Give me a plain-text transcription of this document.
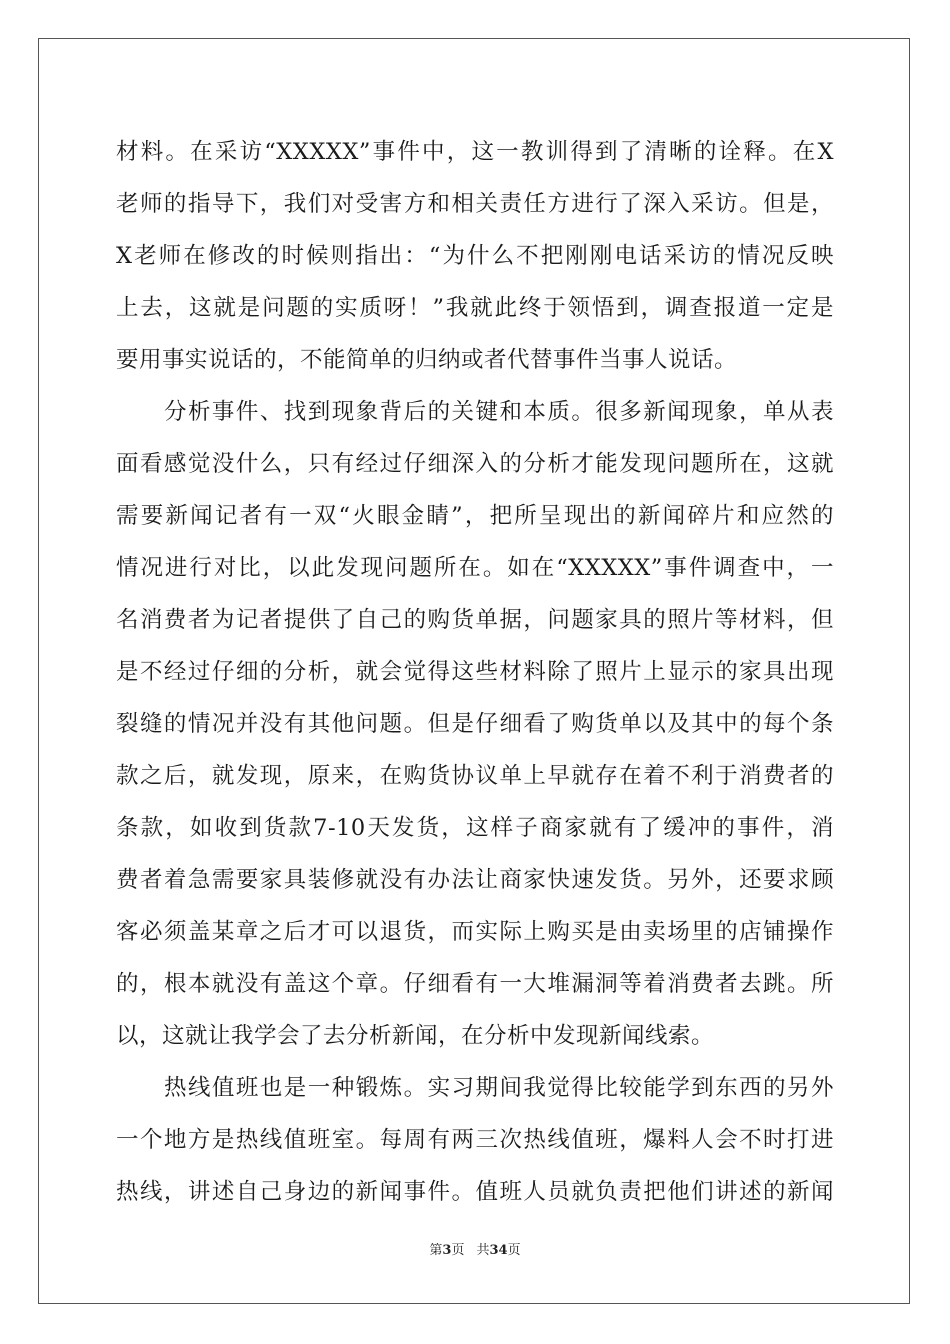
材料。在采访“XXXXX”事件中，这一教训得到了清晰的诠释。在X
老师的指导下，我们对受害方和相关责任方进行了深入采访。但是，
X老师在修改的时候则指出：“为什么不把刚刚电话采访的情况反映
上去，这就是问题的实质呀！”我就此终于领悟到，调查报道一定是
要用事实说话的，不能简单的归纳或者代替事件当事人说话。
分析事件、找到现象背后的关键和本质。很多新闻现象，单从表
面看感觉没什么，只有经过仔细深入的分析才能发现问题所在，这就
需要新闻记者有一双“火眼金睛”，把所呈现出的新闻碎片和应然的
情况进行对比，以此发现问题所在。如在“XXXXX”事件调查中，一
名消费者为记者提供了自己的购货单据，问题家具的照片等材料，但
是不经过仔细的分析，就会觉得这些材料除了照片上显示的家具出现
裂缝的情况并没有其他问题。但是仔细看了购货单以及其中的每个条
款之后，就发现，原来，在购货协议单上早就存在着不利于消费者的
条款，如收到货款7-10天发货，这样子商家就有了缓冲的事件，消
费者着急需要家具装修就没有办法让商家快速发货。另外，还要求顾
客必须盖某章之后才可以退货，而实际上购买是由卖场里的店铺操作
的，根本就没有盖这个章。仔细看有一大堆漏洞等着消费者去跳。所
以，这就让我学会了去分析新闻，在分析中发现新闻线索。
热线值班也是一种锻炼。实习期间我觉得比较能学到东西的另外
一个地方是热线值班室。每周有两三次热线值班，爆料人会不时打进
热线，讲述自己身边的新闻事件。值班人员就负责把他们讲述的新闻
第3页 共34页
